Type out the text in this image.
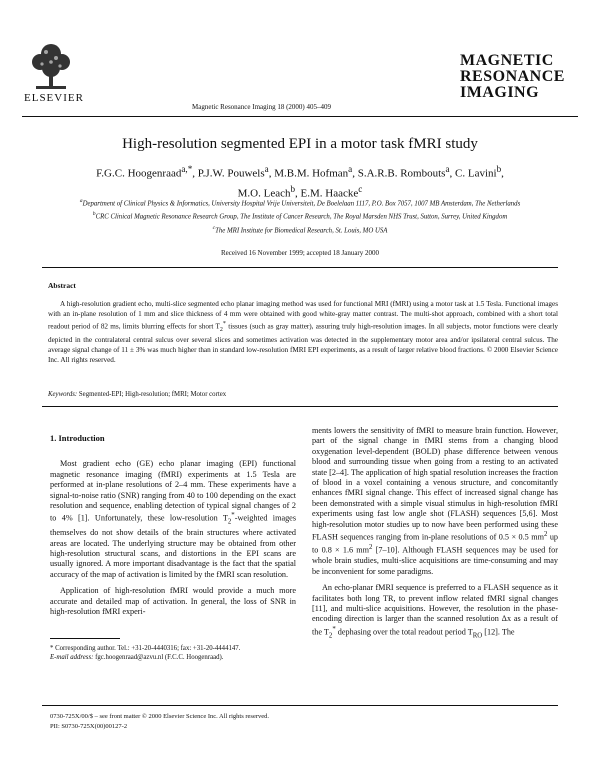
ELSEVIER
Magnetic Resonance Imaging 18 (2000) 405–409
MAGNETIC
RESONANCE
IMAGING
High-resolution segmented EPI in a motor task fMRI study
F.G.C. Hoogenraad$^{a,*}$, P.J.W. Pouwels$^a$, M.B.M. Hofman$^a$, S.A.R.B. Rombouts$^a$, C. Lavini$^b$,
M.O. Leach$^b$, E.M. Haacke$^c$
$^a$Department of Clinical Physics & Informatics, University Hospital Vrije Universiteit, De Boelelaan 1117, P.O. Box 7057, 1007 MB Amsterdam, The Netherlands
$^b$CRC Clinical Magnetic Resonance Research Group, The Institute of Cancer Research, The Royal Marsden NHS Trust, Sutton, Surrey, United Kingdom
$^c$The MRI Institute for Biomedical Research, St. Louis, MO USA
Received 16 November 1999; accepted 18 January 2000
Abstract
A high-resolution gradient echo, multi-slice segmented echo planar imaging method was used for functional MRI (fMRI) using a motor task at 1.5 Tesla. Functional images with an in-plane resolution of 1 mm and slice thickness of 4 mm were obtained with good white-gray matter contrast. The multi-shot approach, combined with a short total readout period of 82 ms, limits blurring effects for short $T_2^*$ tissues (such as gray matter), assuring truly high-resolution images. In all subjects, motor functions were clearly depicted in the contralateral central sulcus over several slices and sometimes activation was detected in the supplementary motor area and/or ipsilateral central sulcus. The average signal change of 11 ± 3% was much higher than in standard low-resolution fMRI EPI experiments, as a result of larger relative blood fractions. © 2000 Elsevier Science Inc. All rights reserved.
Keywords: Segmented-EPI; High-resolution; fMRI; Motor cortex
1. Introduction

Most gradient echo (GE) echo planar imaging (EPI) functional magnetic resonance imaging (fMRI) experiments at 1.5 Tesla are performed at in-plane resolutions of 2–4 mm. These experiments have a signal-to-noise ratio (SNR) ranging from 40 to 100 depending on the exact resolution and sequence, enabling detection of typical signal changes of 2 to 4% [1]. Unfortunately, these low-resolution $T_2^*$-weighted images themselves do not show details of the brain structures where activated areas are located. The underlying structure may be obtained from other high-resolution structural scans, and distortions in the EPI scans are usually ignored. A more important disadvantage is the fact that the spatial accuracy of the map of activation is limited by the fMRI scan resolution.

Application of high-resolution fMRI would provide a much more accurate and detailed map of activation. In general, the loss of SNR in high-resolution fMRI experi-

* Corresponding author. Tel.: +31-20-4440316; fax: +31-20-4444147.
E-mail address: fgc.hoogenraad@azvu.nl (F.C.C. Hoogenraad).

ments lowers the sensitivity of fMRI to measure brain function. However, part of the signal change in fMRI stems from a changing blood oxygenation level-dependent (BOLD) phase difference between venous blood and surrounding tissue when going from a resting to an activated state [2–4]. The application of high spatial resolution increases the fraction of blood in a voxel containing a venous structure, and concomitantly enhances fMRI signal change. This effect of increased signal change has been demonstrated with a simple visual stimulus in high-resolution fMRI experiments using fast low angle shot (FLASH) sequences [5,6]. Most high-resolution motor studies up to now have been performed using these FLASH sequences ranging from in-plane resolutions of 0.5 × 0.5 $mm^2$ up to 0.8 × 1.6 $mm^2$ [7–10]. Although FLASH sequences may be used for whole brain studies, multi-slice acquisitions are time-consuming and may be inconvenient for some paradigms.

An echo-planar fMRI sequence is preferred to a FLASH sequence as it facilitates both long TR, to prevent inflow related fMRI signal changes [11], and multi-slice acquisitions. However, the resolution in the phase-encoding direction is larger than the scanned resolution Δx as a result of the $T_2^*$ dephasing over the total readout period $T_{RO}$ [12]. The

0730-725X/00/$ – see front matter © 2000 Elsevier Science Inc. All rights reserved.
PII: S0730-725X(00)00127-2
